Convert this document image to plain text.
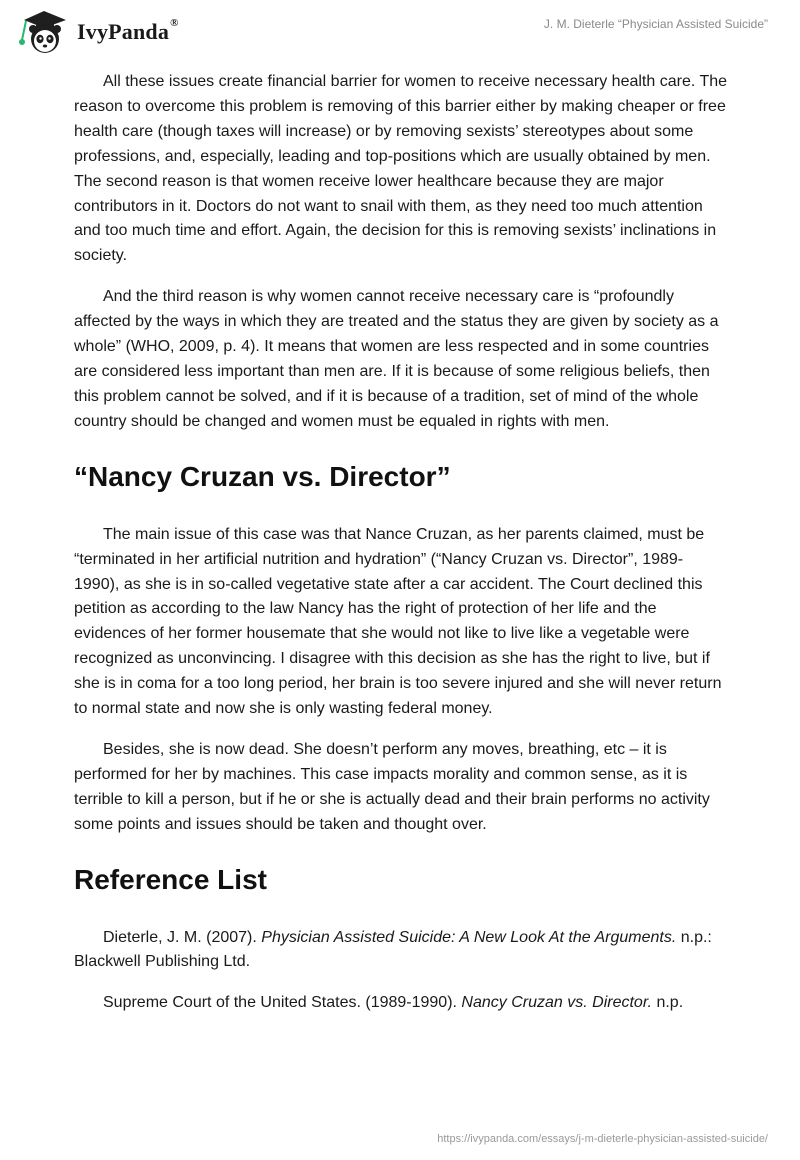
IvyPanda®	J. M. Dieterle “Physician Assisted Suicide”

All these issues create financial barrier for women to receive necessary health care. The reason to overcome this problem is removing of this barrier either by making cheaper or free health care (though taxes will increase) or by removing sexists’ stereotypes about some professions, and, especially, leading and top-positions which are usually obtained by men. The second reason is that women receive lower healthcare because they are major contributors in it. Doctors do not want to snail with them, as they need too much attention and too much time and effort. Again, the decision for this is removing sexists’ inclinations in society.

And the third reason is why women cannot receive necessary care is “profoundly affected by the ways in which they are treated and the status they are given by society as a whole” (WHO, 2009, p. 4). It means that women are less respected and in some countries are considered less important than men are. If it is because of some religious beliefs, then this problem cannot be solved, and if it is because of a tradition, set of mind of the whole country should be changed and women must be equaled in rights with men.

“Nancy Cruzan vs. Director”

The main issue of this case was that Nance Cruzan, as her parents claimed, must be “terminated in her artificial nutrition and hydration” (“Nancy Cruzan vs. Director”, 1989-1990), as she is in so-called vegetative state after a car accident. The Court declined this petition as according to the law Nancy has the right of protection of her life and the evidences of her former housemate that she would not like to live like a vegetable were recognized as unconvincing. I disagree with this decision as she has the right to live, but if she is in coma for a too long period, her brain is too severe injured and she will never return to normal state and now she is only wasting federal money.

Besides, she is now dead. She doesn’t perform any moves, breathing, etc – it is performed for her by machines. This case impacts morality and common sense, as it is terrible to kill a person, but if he or she is actually dead and their brain performs no activity some points and issues should be taken and thought over.

Reference List
Dieterle, J. M. (2007). Physician Assisted Suicide: A New Look At the Arguments. n.p.: Blackwell Publishing Ltd.
Supreme Court of the United States. (1989-1990). Nancy Cruzan vs. Director. n.p.
https://ivypanda.com/essays/j-m-dieterle-physician-assisted-suicide/
